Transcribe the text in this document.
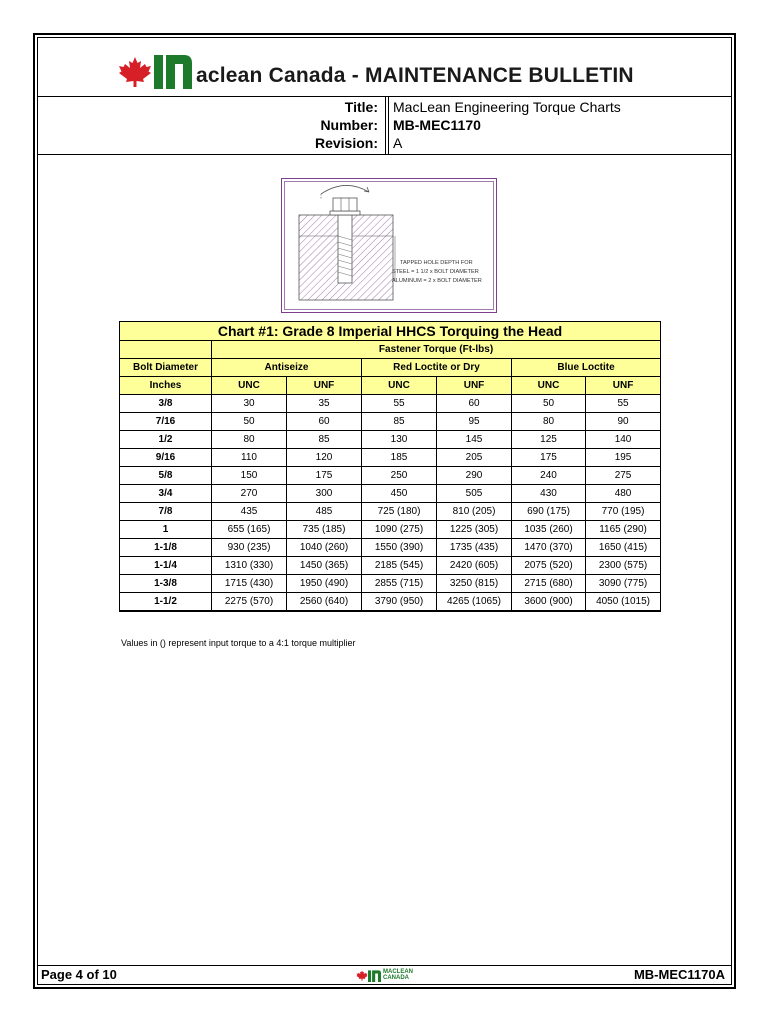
aclean Canada - MAINTENANCE BULLETIN
Title: MacLean Engineering Torque Charts
Number: MB-MEC1170
Revision: A
TAPPED HOLE DEPTH FOR
STEEL = 1 1/2 x BOLT DIAMETER
ALUMINUM = 2 x BOLT DIAMETER
Chart #1: Grade 8 Imperial HHCS Torquing the Head						
	Fastener Torque (Ft-lbs)					
Bolt Diameter	Antiseize		Red Loctite or Dry		Blue Loctite	
Inches	UNC	UNF	UNC	UNF	UNC	UNF
3/8	30	35	55	60	50	55
7/16	50	60	85	95	80	90
1/2	80	85	130	145	125	140
9/16	110	120	185	205	175	195
5/8	150	175	250	290	240	275
3/4	270	300	450	505	430	480
7/8	435	485	725 (180)	810 (205)	690 (175)	770 (195)
1	655 (165)	735 (185)	1090 (275)	1225 (305)	1035 (260)	1165 (290)
1-1/8	930 (235)	1040 (260)	1550 (390)	1735 (435)	1470 (370)	1650 (415)
1-1/4	1310 (330)	1450 (365)	2185 (545)	2420 (605)	2075 (520)	2300 (575)
1-3/8	1715 (430)	1950 (490)	2855 (715)	3250 (815)	2715 (680)	3090 (775)
1-1/2	2275 (570)	2560 (640)	3790 (950)	4265 (1065)	3600 (900)	4050 (1015)
Values in () represent input torque to a 4:1 torque multiplier
Page 4 of 10	MACLEAN
CANADA	MB-MEC1170A
